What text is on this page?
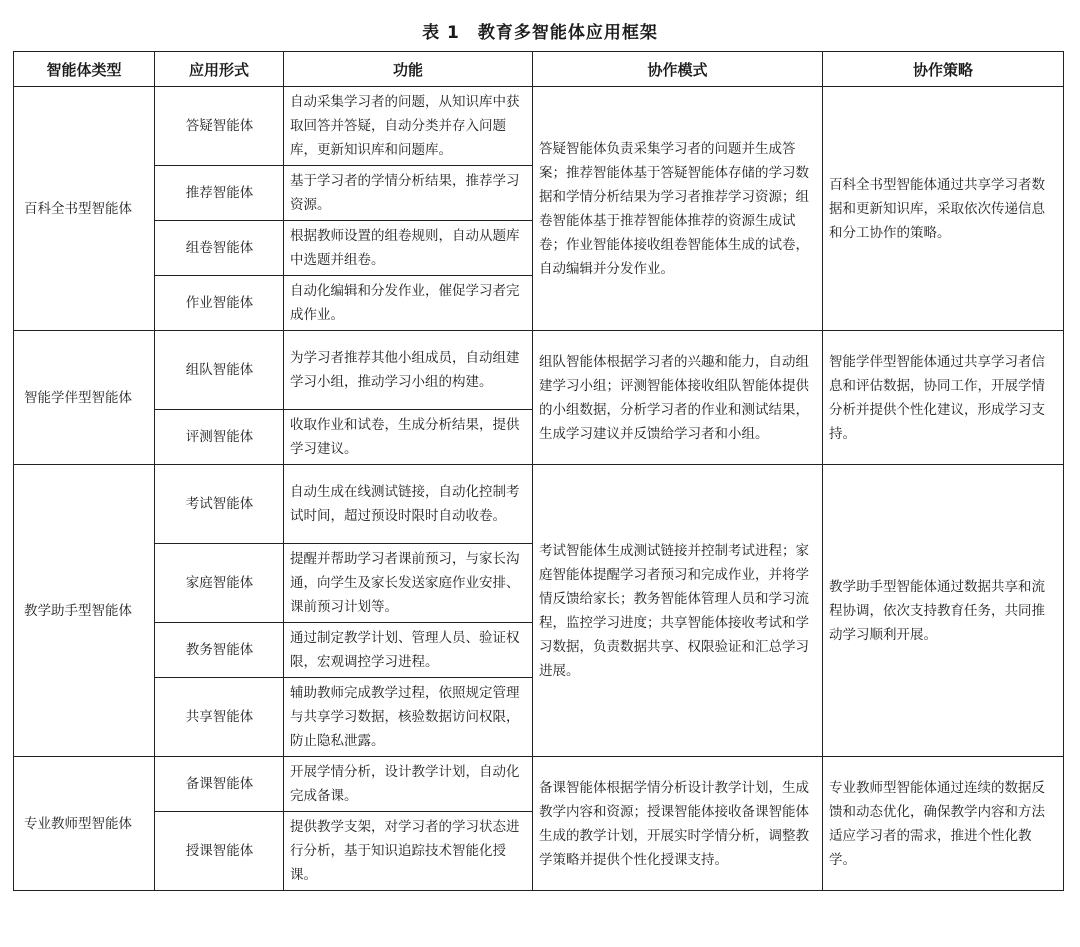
表 1 教育多智能体应用框架
智能体类型	应用形式	功能	协作模式	协作策略
百科全书型智能体	答疑智能体	自动采集学习者的问题，从知识库中获取回答并答疑，自动分类并存入问题库，更新知识库和问题库。	答疑智能体负责采集学习者的问题并生成答案；推荐智能体基于答疑智能体存储的学习数据和学情分析结果为学习者推荐学习资源；组卷智能体基于推荐智能体推荐的资源生成试卷；作业智能体接收组卷智能体生成的试卷，自动编辑并分发作业。	百科全书型智能体通过共享学习者数据和更新知识库，采取依次传递信息和分工协作的策略。
	推荐智能体	基于学习者的学情分析结果，推荐学习资源。		
	组卷智能体	根据教师设置的组卷规则，自动从题库中选题并组卷。		
	作业智能体	自动化编辑和分发作业，催促学习者完成作业。		
智能学伴型智能体	组队智能体	为学习者推荐其他小组成员，自动组建学习小组，推动学习小组的构建。	组队智能体根据学习者的兴趣和能力，自动组建学习小组；评测智能体接收组队智能体提供的小组数据，分析学习者的作业和测试结果，生成学习建议并反馈给学习者和小组。	智能学伴型智能体通过共享学习者信息和评估数据，协同工作，开展学情分析并提供个性化建议，形成学习支持。
	评测智能体	收取作业和试卷，生成分析结果，提供学习建议。		
教学助手型智能体	考试智能体	自动生成在线测试链接，自动化控制考试时间，超过预设时限时自动收卷。	考试智能体生成测试链接并控制考试进程；家庭智能体提醒学习者预习和完成作业，并将学情反馈给家长；教务智能体管理人员和学习流程，监控学习进度；共享智能体接收考试和学习数据，负责数据共享、权限验证和汇总学习进展。	教学助手型智能体通过数据共享和流程协调，依次支持教育任务，共同推动学习顺利开展。
	家庭智能体	提醒并帮助学习者课前预习，与家长沟通，向学生及家长发送家庭作业安排、课前预习计划等。		
	教务智能体	通过制定教学计划、管理人员、验证权限，宏观调控学习进程。		
	共享智能体	辅助教师完成教学过程，依照规定管理与共享学习数据，核验数据访问权限，防止隐私泄露。		
专业教师型智能体	备课智能体	开展学情分析，设计教学计划，自动化完成备课。	备课智能体根据学情分析设计教学计划，生成教学内容和资源；授课智能体接收备课智能体生成的教学计划，开展实时学情分析，调整教学策略并提供个性化授课支持。	专业教师型智能体通过连续的数据反馈和动态优化，确保教学内容和方法适应学习者的需求，推进个性化教学。
	授课智能体	提供教学支架，对学习者的学习状态进行分析，基于知识追踪技术智能化授课。		
